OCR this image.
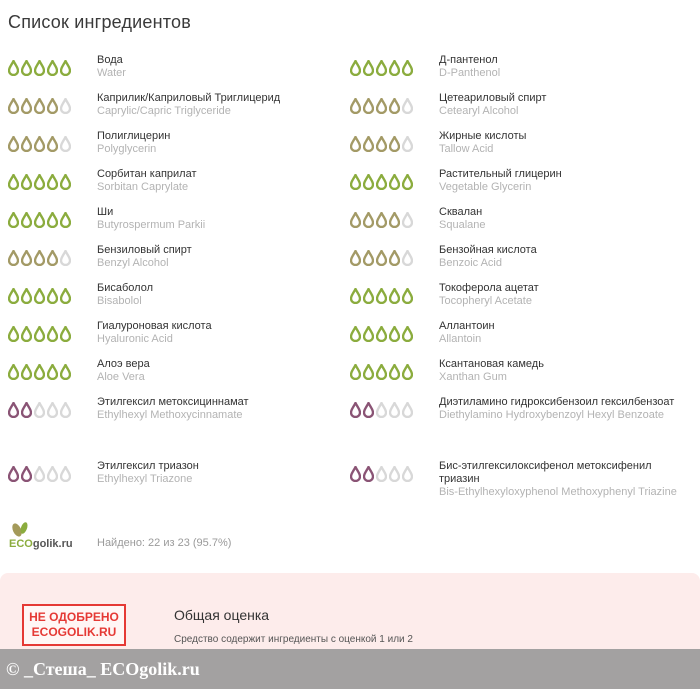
Список ингредиентов
Вода
Water
Д-пантенол
D-Panthenol
Каприлик/Каприловый Триглицерид
Caprylic/Capric Triglyceride
Цетеариловый спирт
Cetearyl Alcohol
Полиглицерин
Polyglycerin
Жирные кислоты
Tallow Acid
Сорбитан каприлат
Sorbitan Caprylate
Растительный глицерин
Vegetable Glycerin
Ши
Butyrospermum Parkii
Сквалан
Squalane
Бензиловый спирт
Benzyl Alcohol
Бензойная кислота
Benzoic Acid
Бисаболол
Bisabolol
Токоферола ацетат
Tocopheryl Acetate
Гиалуроновая кислота
Hyaluronic Acid
Аллантоин
Allantoin
Алоэ вера
Aloe Vera
Ксантановая камедь
Xanthan Gum
Этилгексил метоксициннамат
Ethylhexyl Methoxycinnamate
Диэтиламино гидроксибензоил гексилбензоат
Diethylamino Hydroxybenzoyl Hexyl Benzoate
Этилгексил триазон
Ethylhexyl Triazone
Бис-этилгексилоксифенол метоксифенил триазин
Bis-Ethylhexyloxyphenol Methoxyphenyl Triazine
ECOgolik.ru Найдено: 22 из 23 (95.7%)
НЕ ОДОБРЕНО
ECOGOLIK.RU
Общая оценка
Средство содержит ингредиенты с оценкой 1 или 2
© _Стеша_ ECOgolik.ru
